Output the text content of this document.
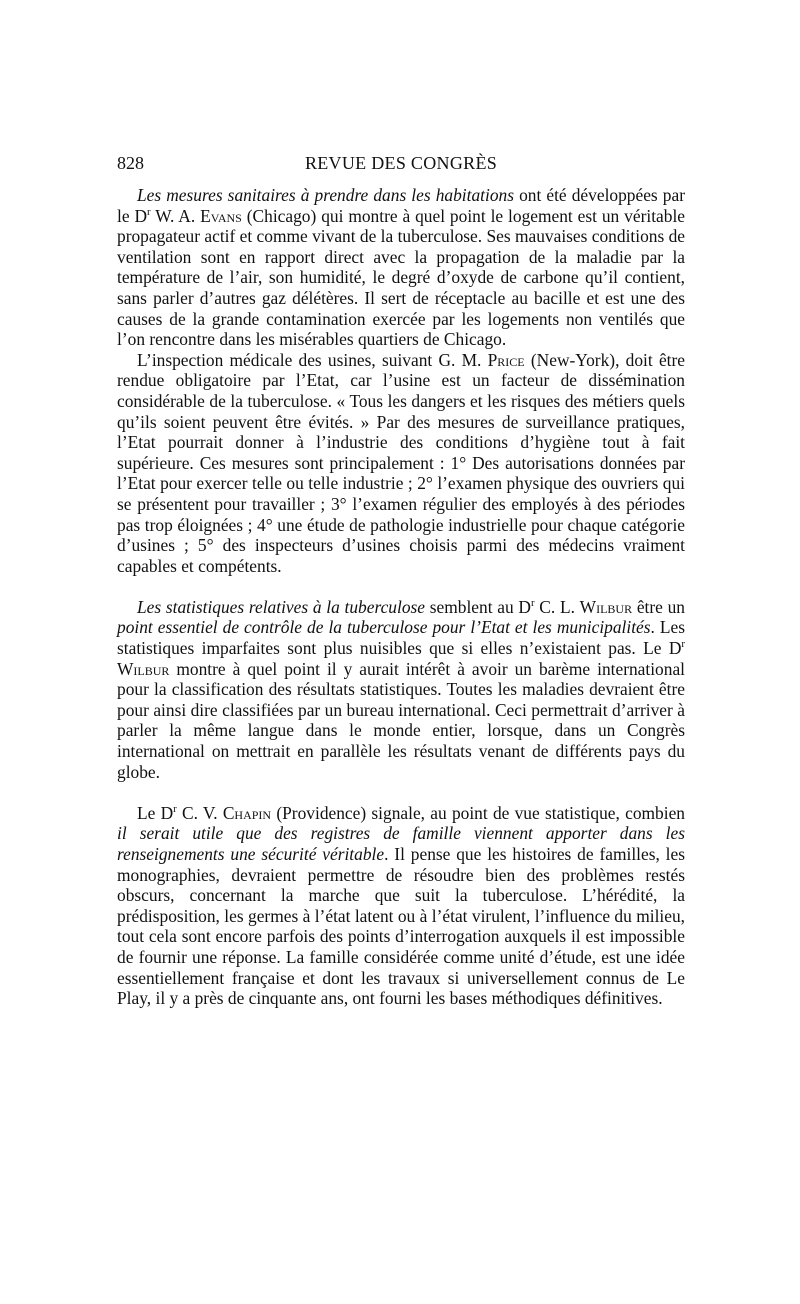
828	REVUE DES CONGRÈS

Les mesures sanitaires à prendre dans les habitations ont été développées par le $D^r$ W. A. Evans (Chicago) qui montre à quel point le logement est un véritable propagateur actif et comme vivant de la tuberculose. Ses mauvaises conditions de ventilation sont en rapport direct avec la propagation de la maladie par la température de l’air, son humidité, le degré d’oxyde de carbone qu’il contient, sans parler d’autres gaz délétères. Il sert de réceptacle au bacille et est une des causes de la grande contamination exercée par les logements non ventilés que l’on rencontre dans les misérables quartiers de Chicago.

L’inspection médicale des usines, suivant G. M. Price (New-York), doit être rendue obligatoire par l’Etat, car l’usine est un facteur de dissémination considérable de la tuberculose. « Tous les dangers et les risques des métiers quels qu’ils soient peuvent être évités. » Par des mesures de surveillance pratiques, l’Etat pourrait donner à l’industrie des conditions d’hygiène tout à fait supérieure. Ces mesures sont principalement : 1° Des autorisations données par l’Etat pour exercer telle ou telle industrie ; 2° l’examen physique des ouvriers qui se présentent pour travailler ; 3° l’examen régulier des employés à des périodes pas trop éloignées ; 4° une étude de pathologie industrielle pour chaque catégorie d’usines ; 5° des inspecteurs d’usines choisis parmi des médecins vraiment capables et compétents.

Les statistiques relatives à la tuberculose semblent au $D^r$ C. L. Wilbur être un point essentiel de contrôle de la tuberculose pour l’Etat et les municipalités. Les statistiques imparfaites sont plus nuisibles que si elles n’existaient pas. Le $D^r$ Wilbur montre à quel point il y aurait intérêt à avoir un barème international pour la classification des résultats statistiques. Toutes les maladies devraient être pour ainsi dire classifiées par un bureau international. Ceci permettrait d’arriver à parler la même langue dans le monde entier, lorsque, dans un Congrès international on mettrait en parallèle les résultats venant de différents pays du globe.

Le $D^r$ C. V. Chapin (Providence) signale, au point de vue statistique, combien il serait utile que des registres de famille viennent apporter dans les renseignements une sécurité véritable. Il pense que les histoires de familles, les monographies, devraient permettre de résoudre bien des problèmes restés obscurs, concernant la marche que suit la tuberculose. L’hérédité, la prédisposition, les germes à l’état latent ou à l’état virulent, l’influence du milieu, tout cela sont encore parfois des points d’interrogation auxquels il est impossible de fournir une réponse. La famille considérée comme unité d’étude, est une idée essentiellement française et dont les travaux si universellement connus de Le Play, il y a près de cinquante ans, ont fourni les bases méthodiques définitives.
